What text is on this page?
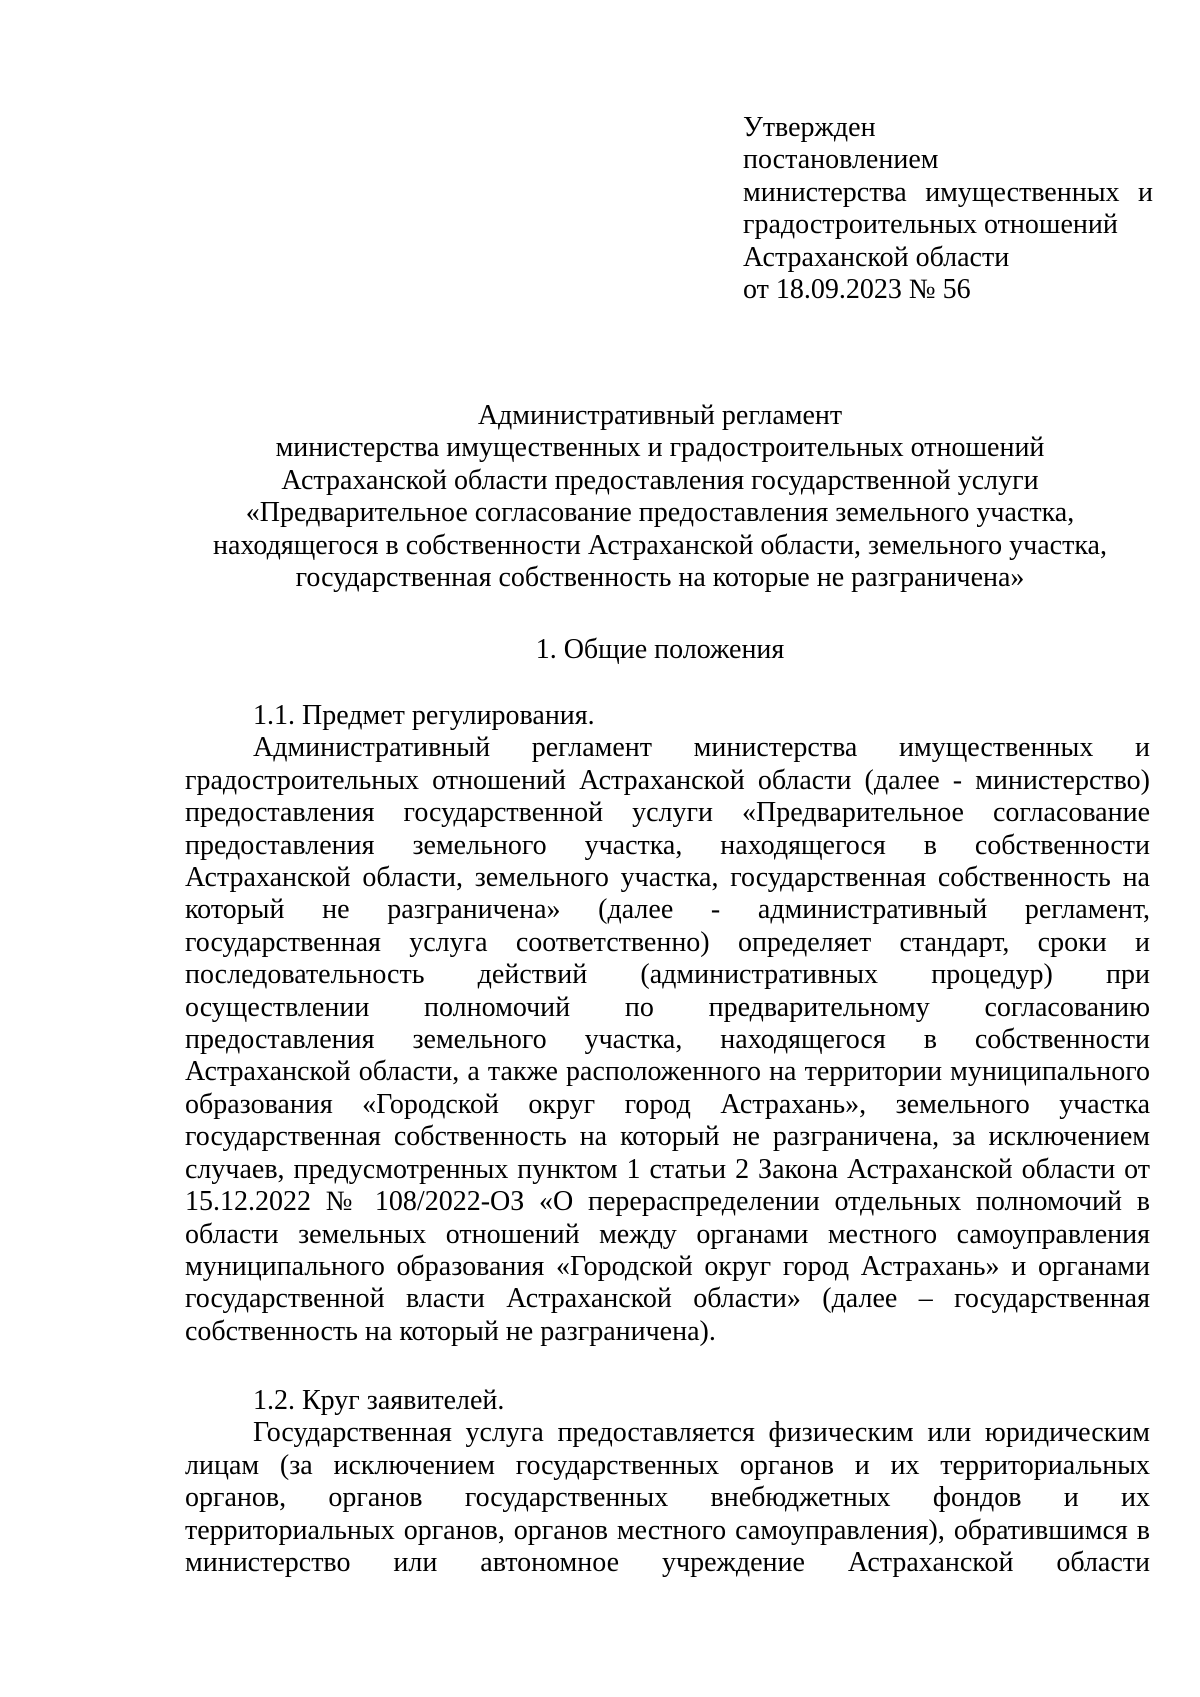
Утвержден
постановлением
министерства имущественных и
градостроительных отношений
Астраханской области
от 18.09.2023 № 56
Административный регламент
министерства имущественных и градостроительных отношений
Астраханской области предоставления государственной услуги
«Предварительное согласование предоставления земельного участка,
находящегося в собственности Астраханской области, земельного участка,
государственная собственность на которые не разграничена»
1. Общие положения
1.1. Предмет регулирования.
Административный регламент министерства имущественных и
градостроительных отношений Астраханской области (далее - министерство)
предоставления государственной услуги «Предварительное согласование
предоставления земельного участка, находящегося в собственности
Астраханской области, земельного участка, государственная собственность на
который не разграничена» (далее - административный регламент,
государственная услуга соответственно) определяет стандарт, сроки и
последовательность действий (административных процедур) при
осуществлении полномочий по предварительному согласованию
предоставления земельного участка, находящегося в собственности
Астраханской области, а также расположенного на территории муниципального
образования «Городской округ город Астрахань», земельного участка
государственная собственность на который не разграничена, за исключением
случаев, предусмотренных пунктом 1 статьи 2 Закона Астраханской области от
15.12.2022 № 108/2022-ОЗ «О перераспределении отдельных полномочий в
области земельных отношений между органами местного самоуправления
муниципального образования «Городской округ город Астрахань» и органами
государственной власти Астраханской области» (далее – государственная
собственность на который не разграничена).
1.2. Круг заявителей.
Государственная услуга предоставляется физическим или юридическим
лицам (за исключением государственных органов и их территориальных
органов, органов государственных внебюджетных фондов и их
территориальных органов, органов местного самоуправления), обратившимся в
министерство или автономное учреждение Астраханской области
